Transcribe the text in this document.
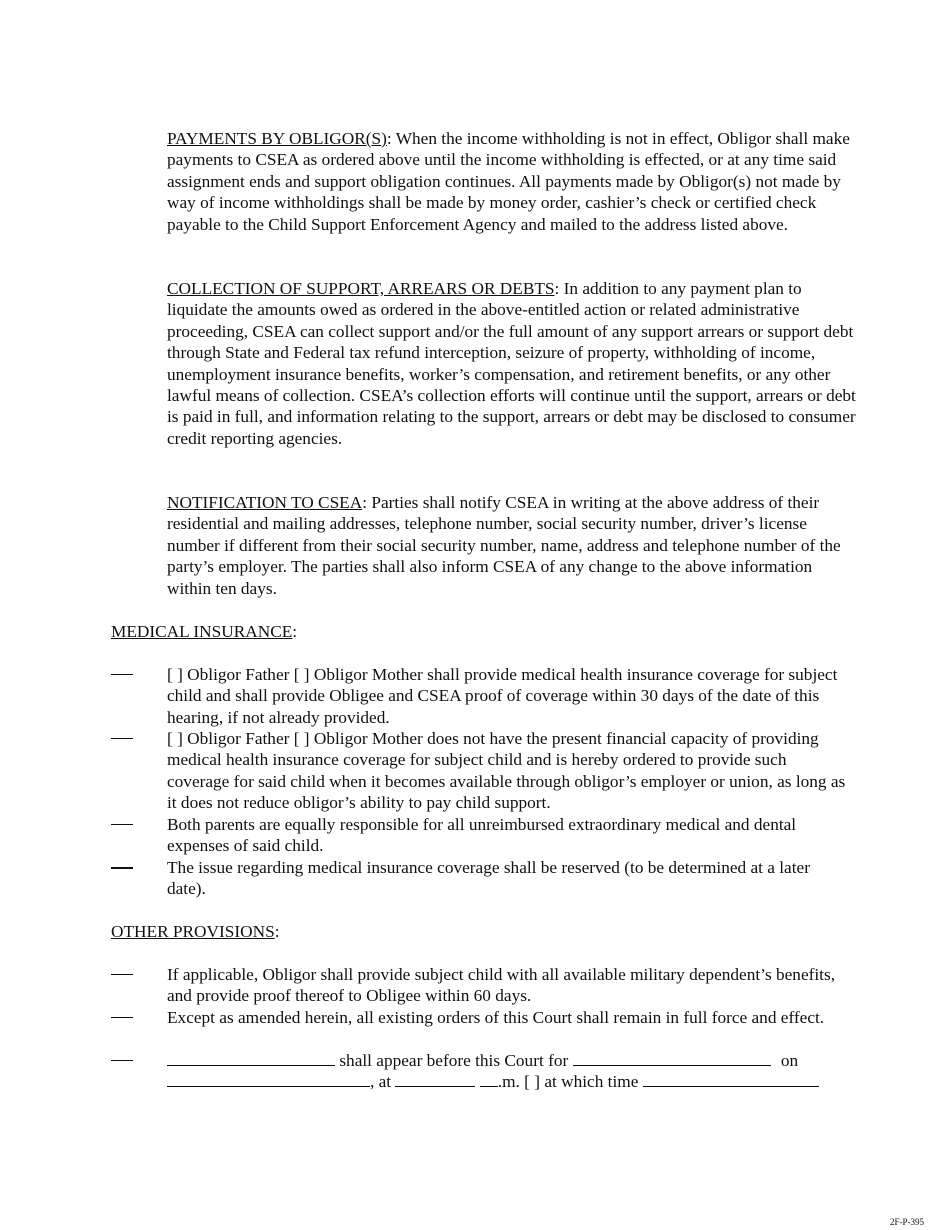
PAYMENTS BY OBLIGOR(S): When the income withholding is not in effect, Obligor shall make payments to CSEA as ordered above until the income withholding is effected, or at any time said assignment ends and support obligation continues. All payments made by Obligor(s) not made by way of income withholdings shall be made by money order, cashier’s check or certified check payable to the Child Support Enforcement Agency and mailed to the address listed above.
COLLECTION OF SUPPORT, ARREARS OR DEBTS: In addition to any payment plan to liquidate the amounts owed as ordered in the above-entitled action or related administrative proceeding, CSEA can collect support and/or the full amount of any support arrears or support debt through State and Federal tax refund interception, seizure of property, withholding of income, unemployment insurance benefits, worker’s compensation, and retirement benefits, or any other lawful means of collection. CSEA’s collection efforts will continue until the support, arrears or debt is paid in full, and information relating to the support, arrears or debt may be disclosed to consumer credit reporting agencies.
NOTIFICATION TO CSEA: Parties shall notify CSEA in writing at the above address of their residential and mailing addresses, telephone number, social security number, driver’s license number if different from their social security number, name, address and telephone number of the party’s employer. The parties shall also inform CSEA of any change to the above information within ten days.
MEDICAL INSURANCE:
[ ] Obligor Father [ ] Obligor Mother shall provide medical health insurance coverage for subject child and shall provide Obligee and CSEA proof of coverage within 30 days of the date of this hearing, if not already provided.
[ ] Obligor Father [ ] Obligor Mother does not have the present financial capacity of providing medical health insurance coverage for subject child and is hereby ordered to provide such coverage for said child when it becomes available through obligor’s employer or union, as long as it does not reduce obligor’s ability to pay child support.
Both parents are equally responsible for all unreimbursed extraordinary medical and dental expenses of said child.
The issue regarding medical insurance coverage shall be reserved (to be determined at a later date).
OTHER PROVISIONS:
If applicable, Obligor shall provide subject child with all available military dependent’s benefits, and provide proof thereof to Obligee within 60 days.
Except as amended herein, all existing orders of this Court shall remain in full force and effect.
shall appear before this Court for	on
, at	.m. [ ] at which time
2F-P-395
